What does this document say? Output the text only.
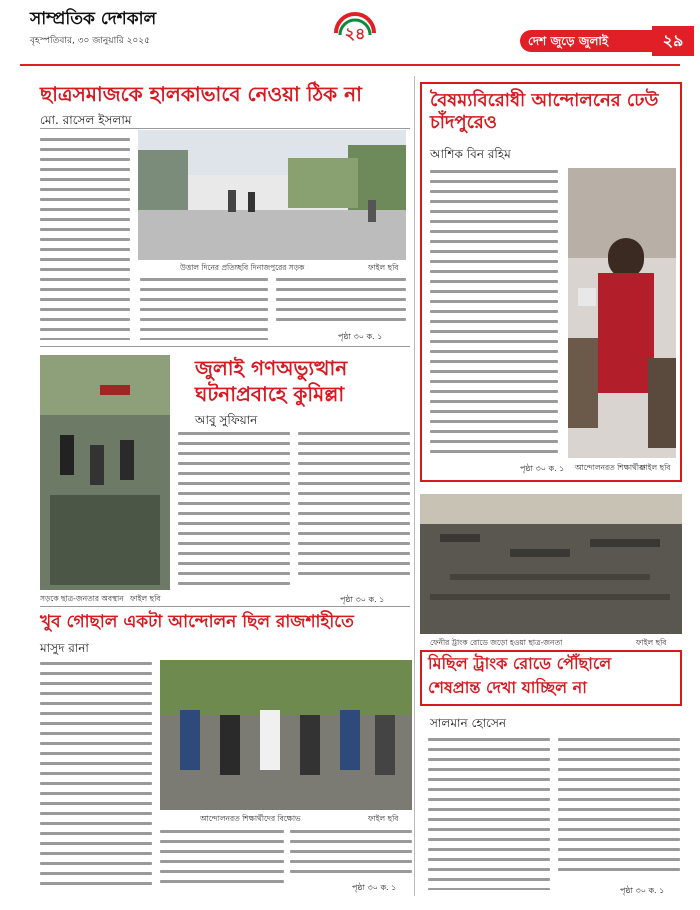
সাম্প্রতিক দেশকাল
বৃহস্পতিবার, ৩০ জানুয়ারি ২০২৫	২৪	দেশ জুড়ে জুলাই	২৯
ছাত্রসমাজকে হালকাভাবে নেওয়া ঠিক না
মো. রাসেল ইসলাম
উত্তাল দিনের প্রতিচ্ছবি দিনাজপুরের সড়ক	ফাইল ছবি
পৃষ্ঠা ৩০ ক. ১
বৈষম্যবিরোধী আন্দোলনের ঢেউ চাঁদপুরেও
আশিক বিন রহিম
আন্দোলনরত শিক্ষার্থীরা
ফাইল ছবি
পৃষ্ঠা ৩০ ক. ১
সড়কে ছাত্র-জনতার অবস্থান ফাইল ছবি
জুলাই গণঅভ্যুত্থান
ঘটনাপ্রবাহে কুমিল্লা
আবু সুফিয়ান
পৃষ্ঠা ৩০ ক. ১
ফেনীর ট্রাংক রোডে জড়ো হওয়া ছাত্র-জনতা	ফাইল ছবি
মিছিল ট্রাংক রোডে পৌঁছালে
শেষপ্রান্ত দেখা যাচ্ছিল না
সালমান হোসেন
পৃষ্ঠা ৩০ ক. ১
খুব গোছাল একটা আন্দোলন ছিল রাজশাহীতে
মাসুদ রানা
আন্দোলনরত শিক্ষার্থীদের বিক্ষোভ	ফাইল ছবি
পৃষ্ঠা ৩০ ক. ১
